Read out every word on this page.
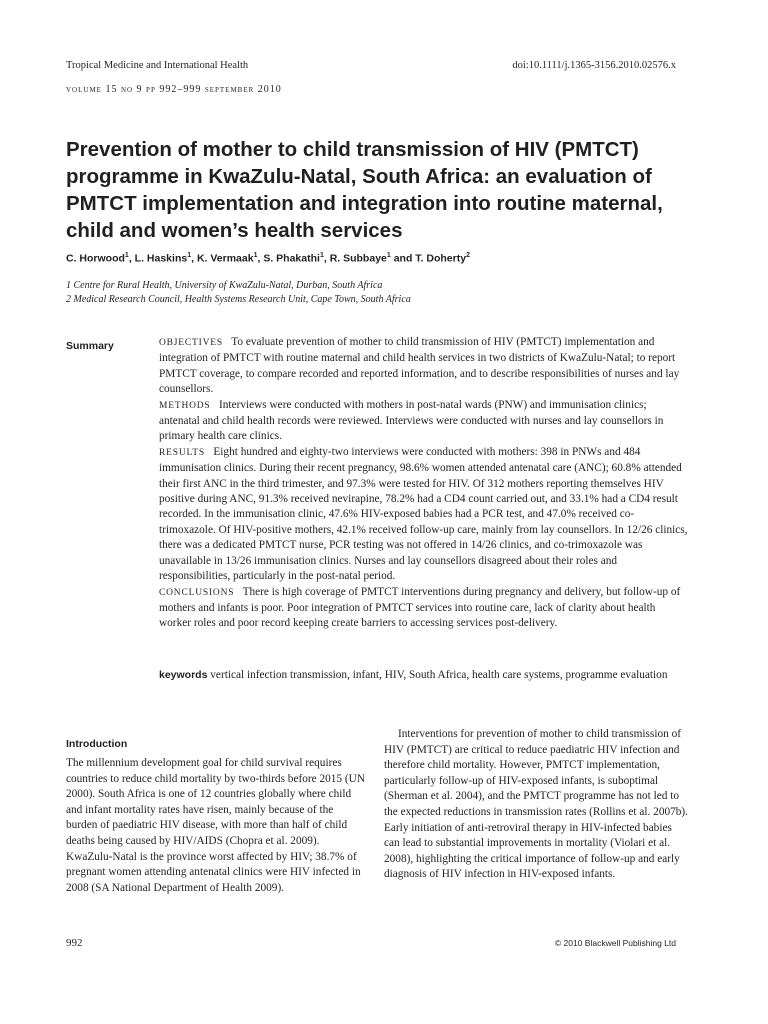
Tropical Medicine and International Health	doi:10.1111/j.1365-3156.2010.02576.x
volume 15 no 9 pp 992–999 september 2010
Prevention of mother to child transmission of HIV (PMTCT) programme in KwaZulu-Natal, South Africa: an evaluation of PMTCT implementation and integration into routine maternal, child and women’s health services
C. Horwood$^1$, L. Haskins$^1$, K. Vermaak$^1$, S. Phakathi$^1$, R. Subbaye$^1$ and T. Doherty$^2$
1 Centre for Rural Health, University of KwaZulu-Natal, Durban, South Africa
2 Medical Research Council, Health Systems Research Unit, Cape Town, South Africa
Summary	OBJECTIVES To evaluate prevention of mother to child transmission of HIV (PMTCT) implementation and integration of PMTCT with routine maternal and child health services in two districts of KwaZulu-Natal; to report PMTCT coverage, to compare recorded and reported information, and to describe responsibilities of nurses and lay counsellors.

METHODS Interviews were conducted with mothers in post-natal wards (PNW) and immunisation clinics; antenatal and child health records were reviewed. Interviews were conducted with nurses and lay counsellors in primary health care clinics.

RESULTS Eight hundred and eighty-two interviews were conducted with mothers: 398 in PNWs and 484 immunisation clinics. During their recent pregnancy, 98.6% women attended antenatal care (ANC); 60.8% attended their first ANC in the third trimester, and 97.3% were tested for HIV. Of 312 mothers reporting themselves HIV positive during ANC, 91.3% received nevirapine, 78.2% had a CD4 count carried out, and 33.1% had a CD4 result recorded. In the immunisation clinic, 47.6% HIV-exposed babies had a PCR test, and 47.0% received co-trimoxazole. Of HIV-positive mothers, 42.1% received follow-up care, mainly from lay counsellors. In 12/26 clinics, there was a dedicated PMTCT nurse, PCR testing was not offered in 14/26 clinics, and co-trimoxazole was unavailable in 13/26 immunisation clinics. Nurses and lay counsellors disagreed about their roles and responsibilities, particularly in the post-natal period.

CONCLUSIONS There is high coverage of PMTCT interventions during pregnancy and delivery, but follow-up of mothers and infants is poor. Poor integration of PMTCT services into routine care, lack of clarity about health worker roles and poor record keeping create barriers to accessing services post-delivery.

keywords vertical infection transmission, infant, HIV, South Africa, health care systems, programme evaluation
Introduction

The millennium development goal for child survival requires countries to reduce child mortality by two-thirds before 2015 (UN 2000). South Africa is one of 12 countries globally where child and infant mortality rates have risen, mainly because of the burden of paediatric HIV disease, with more than half of child deaths being caused by HIV/AIDS (Chopra et al. 2009). KwaZulu-Natal is the province worst affected by HIV; 38.7% of pregnant women attending antenatal clinics were HIV infected in 2008 (SA National Department of Health 2009).

Interventions for prevention of mother to child transmission of HIV (PMTCT) are critical to reduce paediatric HIV infection and therefore child mortality. However, PMTCT implementation, particularly follow-up of HIV-exposed infants, is suboptimal (Sherman et al. 2004), and the PMTCT programme has not led to the expected reductions in transmission rates (Rollins et al. 2007b). Early initiation of anti-retroviral therapy in HIV-infected babies can lead to substantial improvements in mortality (Violari et al. 2008), highlighting the critical importance of follow-up and early diagnosis of HIV infection in HIV-exposed infants.

992	© 2010 Blackwell Publishing Ltd
